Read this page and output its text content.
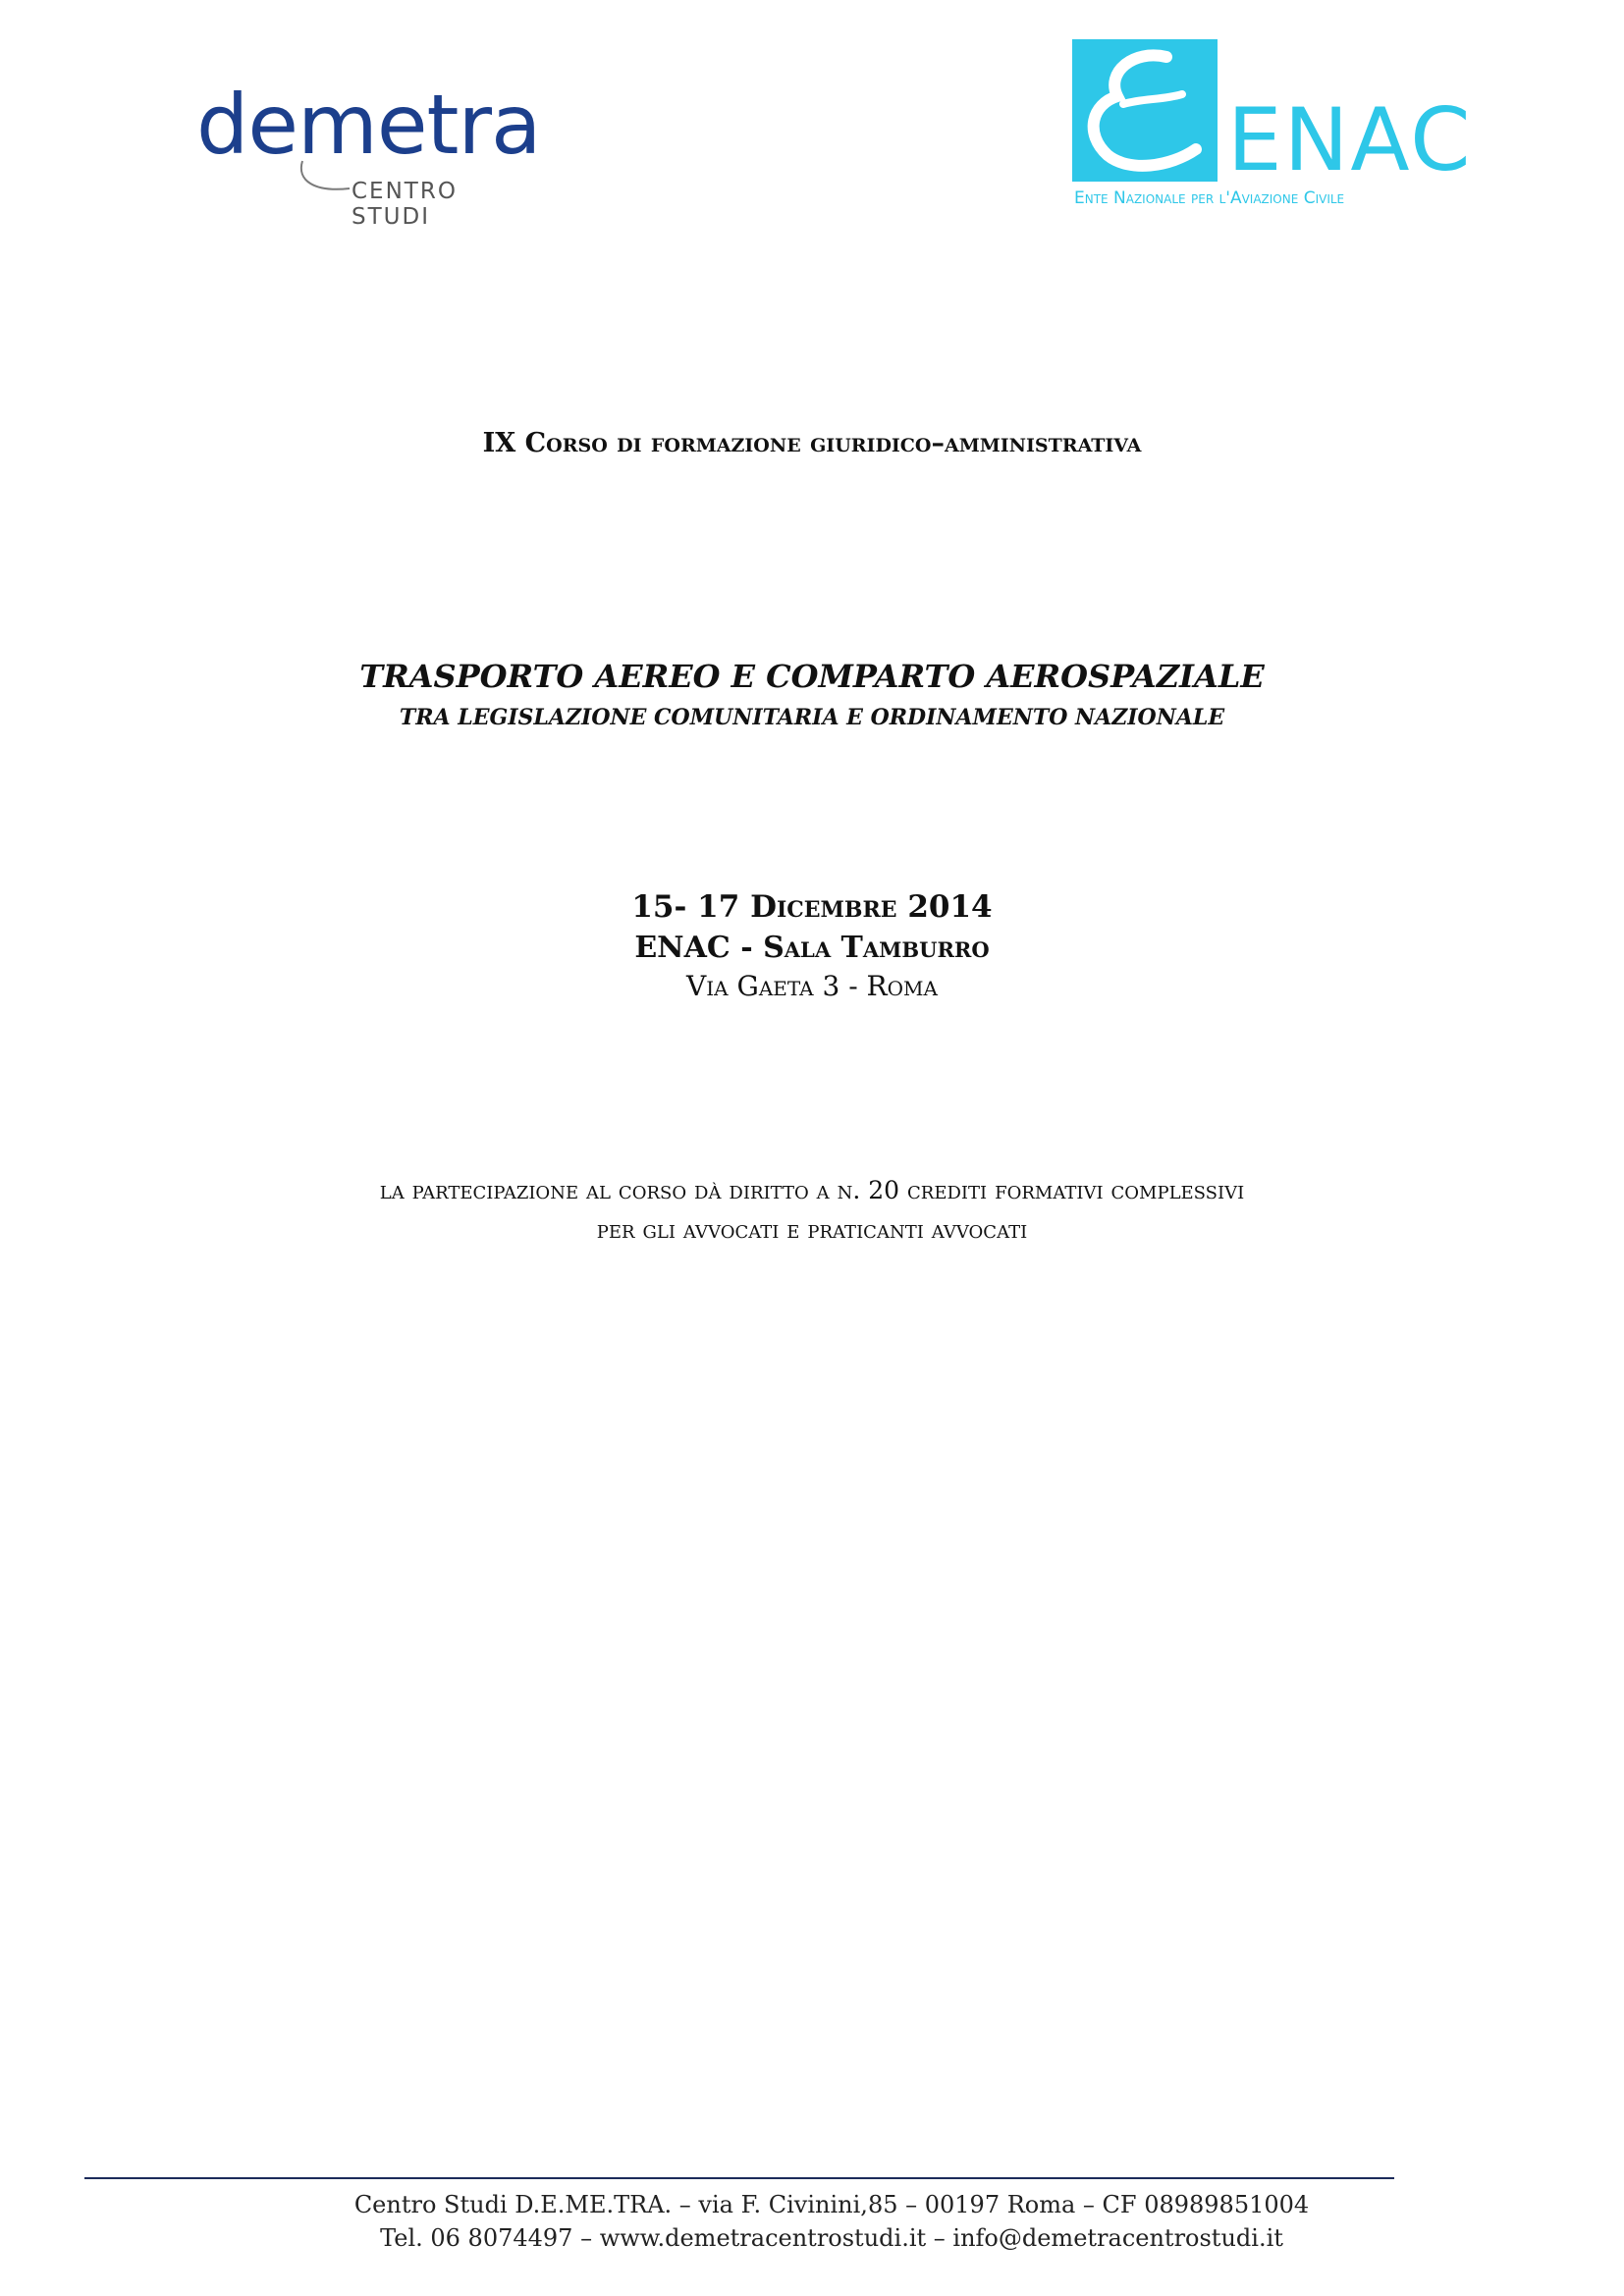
demetra
CENTRO STUDI
ENAC
Ente Nazionale per l'Aviazione Civile
IX Corso di formazione giuridico–amministrativa
TRASPORTO AEREO E COMPARTO AEROSPAZIALE
TRA LEGISLAZIONE COMUNITARIA E ORDINAMENTO NAZIONALE
15- 17 Dicembre 2014
ENAC - Sala Tamburro
Via Gaeta 3 - Roma
la partecipazione al corso dà diritto a n. 20 crediti formativi complessivi
per gli avvocati e praticanti avvocati
Centro Studi D.E.ME.TRA. – via F. Civinini,85 – 00197 Roma – CF 08989851004
Tel. 06 8074497 – www.demetracentrostudi.it – info@demetracentrostudi.it
